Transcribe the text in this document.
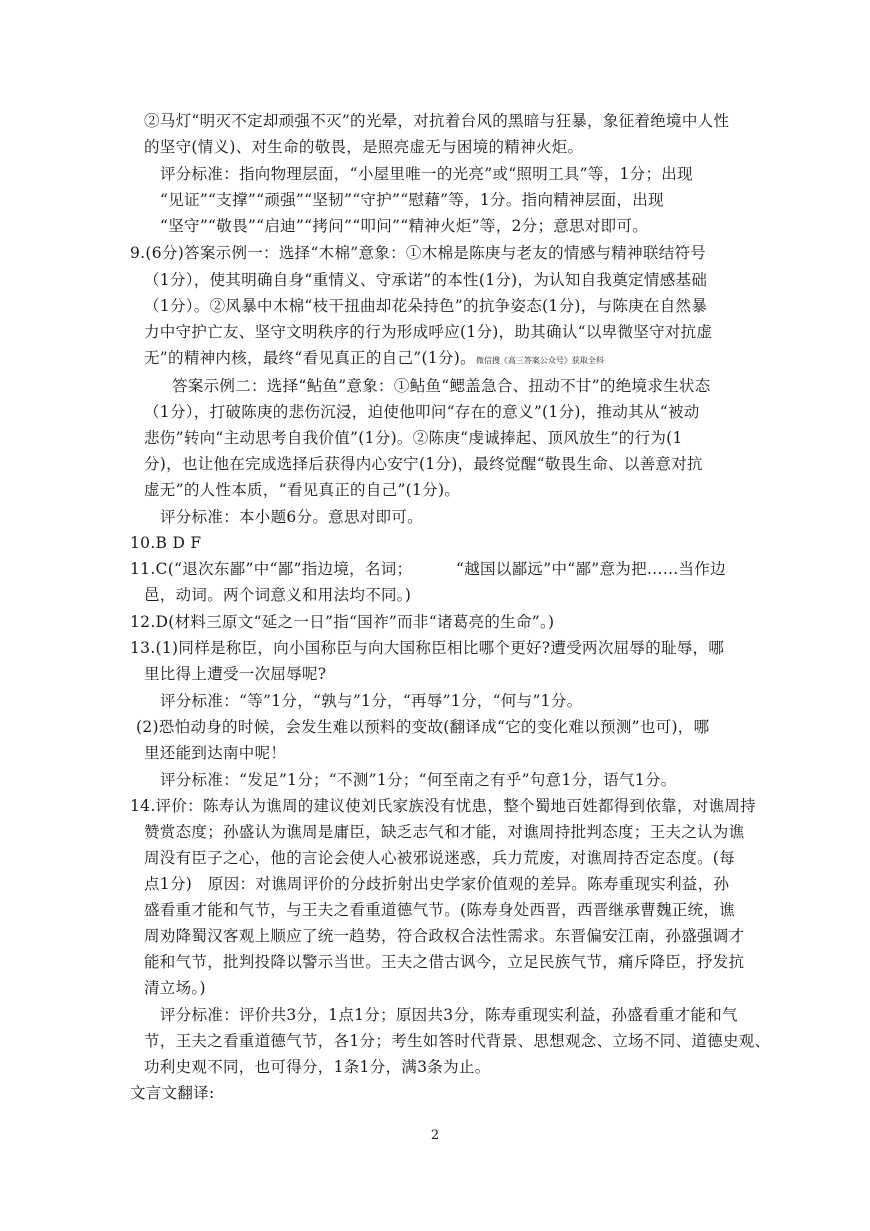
②马灯“明灭不定却顽强不灭”的光晕，对抗着台风的黑暗与狂暴，象征着绝境中人性
的坚守(情义)、对生命的敬畏，是照亮虚无与困境的精神火炬。
评分标准：指向物理层面，“小屋里唯一的光亮”或“照明工具”等，1分；出现
“见证”“支撑”“顽强”“坚韧”“守护”“慰藉”等，1分。指向精神层面，出现
“坚守”“敬畏”“启迪”“拷问”“叩问”“精神火炬”等，2分；意思对即可。
9.(6分)答案示例一：选择“木棉”意象：①木棉是陈庚与老友的情感与精神联结符号
（1分），使其明确自身“重情义、守承诺”的本性(1分)，为认知自我奠定情感基础
（1分）。②风暴中木棉“枝干扭曲却花朵持色”的抗争姿态(1分)，与陈庚在自然暴
力中守护亡友、坚守文明秩序的行为形成呼应(1分)，助其确认“以卑微坚守对抗虚
无”的精神内核，最终“看见真正的自己”(1分)。微信搜《高三答案公众号》获取全科
答案示例二：选择“鲇鱼”意象：①鲇鱼“鳃盖急合、扭动不甘”的绝境求生状态
（1分），打破陈庚的悲伤沉浸，迫使他叩问“存在的意义”(1分)，推动其从“被动
悲伤”转向“主动思考自我价值”(1分)。②陈庚“虔诚捧起、顶风放生”的行为(1
分)，也让他在完成选择后获得内心安宁(1分)，最终觉醒“敬畏生命、以善意对抗
虚无”的人性本质，“看见真正的自己”(1分)。
评分标准：本小题6分。意思对即可。
10.B D F
11.C(“退次东鄙”中“鄙”指边境，名词；	“越国以鄙远”中“鄙”意为把……当作边
邑，动词。两个词意义和用法均不同。)
12.D(材料三原文“延之一日”指“国祚”而非“诸葛亮的生命”。)
13.(1)同样是称臣，向小国称臣与向大国称臣相比哪个更好?遭受两次屈辱的耻辱，哪
里比得上遭受一次屈辱呢?
评分标准：“等”1分，“孰与”1分，“再辱”1分，“何与”1分。
(2)恐怕动身的时候，会发生难以预料的变故(翻译成“它的变化难以预测”也可)，哪
里还能到达南中呢！
评分标准：“发足”1分；“不测”1分；“何至南之有乎”句意1分，语气1分。
14.评价：陈寿认为谯周的建议使刘氏家族没有忧患，整个蜀地百姓都得到依靠，对谯周持
赞赏态度；孙盛认为谯周是庸臣，缺乏志气和才能，对谯周持批判态度；王夫之认为谯
周没有臣子之心，他的言论会使人心被邪说迷惑，兵力荒废，对谯周持否定态度。(每
点1分)　原因：对谯周评价的分歧折射出史学家价值观的差异。陈寿重现实利益，孙
盛看重才能和气节，与王夫之看重道德气节。(陈寿身处西晋，西晋继承曹魏正统，谯
周劝降蜀汉客观上顺应了统一趋势，符合政权合法性需求。东晋偏安江南，孙盛强调才
能和气节，批判投降以警示当世。王夫之借古讽今，立足民族气节，痛斥降臣，抒发抗
清立场。)
评分标准：评价共3分，1点1分；原因共3分，陈寿重现实利益，孙盛看重才能和气
节，王夫之看重道德气节，各1分；考生如答时代背景、思想观念、立场不同、道德史观、
功利史观不同，也可得分，1条1分，满3条为止。
文言文翻译:
2
